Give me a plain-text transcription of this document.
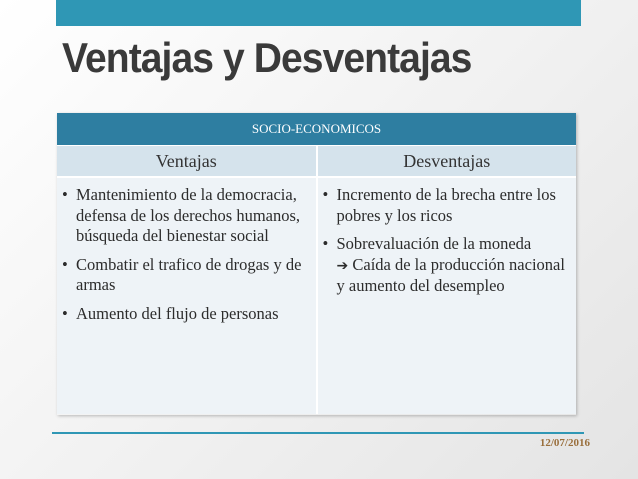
Ventajas y Desventajas
SOCIO-ECONOMICOS
Ventajas	Desventajas
• Mantenimiento de la democracia, defensa de los derechos humanos, búsqueda del bienestar social
• Combatir el trafico de drogas y de armas
• Aumento del flujo de personas
• Incremento de la brecha entre los pobres y los ricos
• Sobrevaluación de la moneda
➔ Caída de la producción nacional y aumento del desempleo
12/07/2016
